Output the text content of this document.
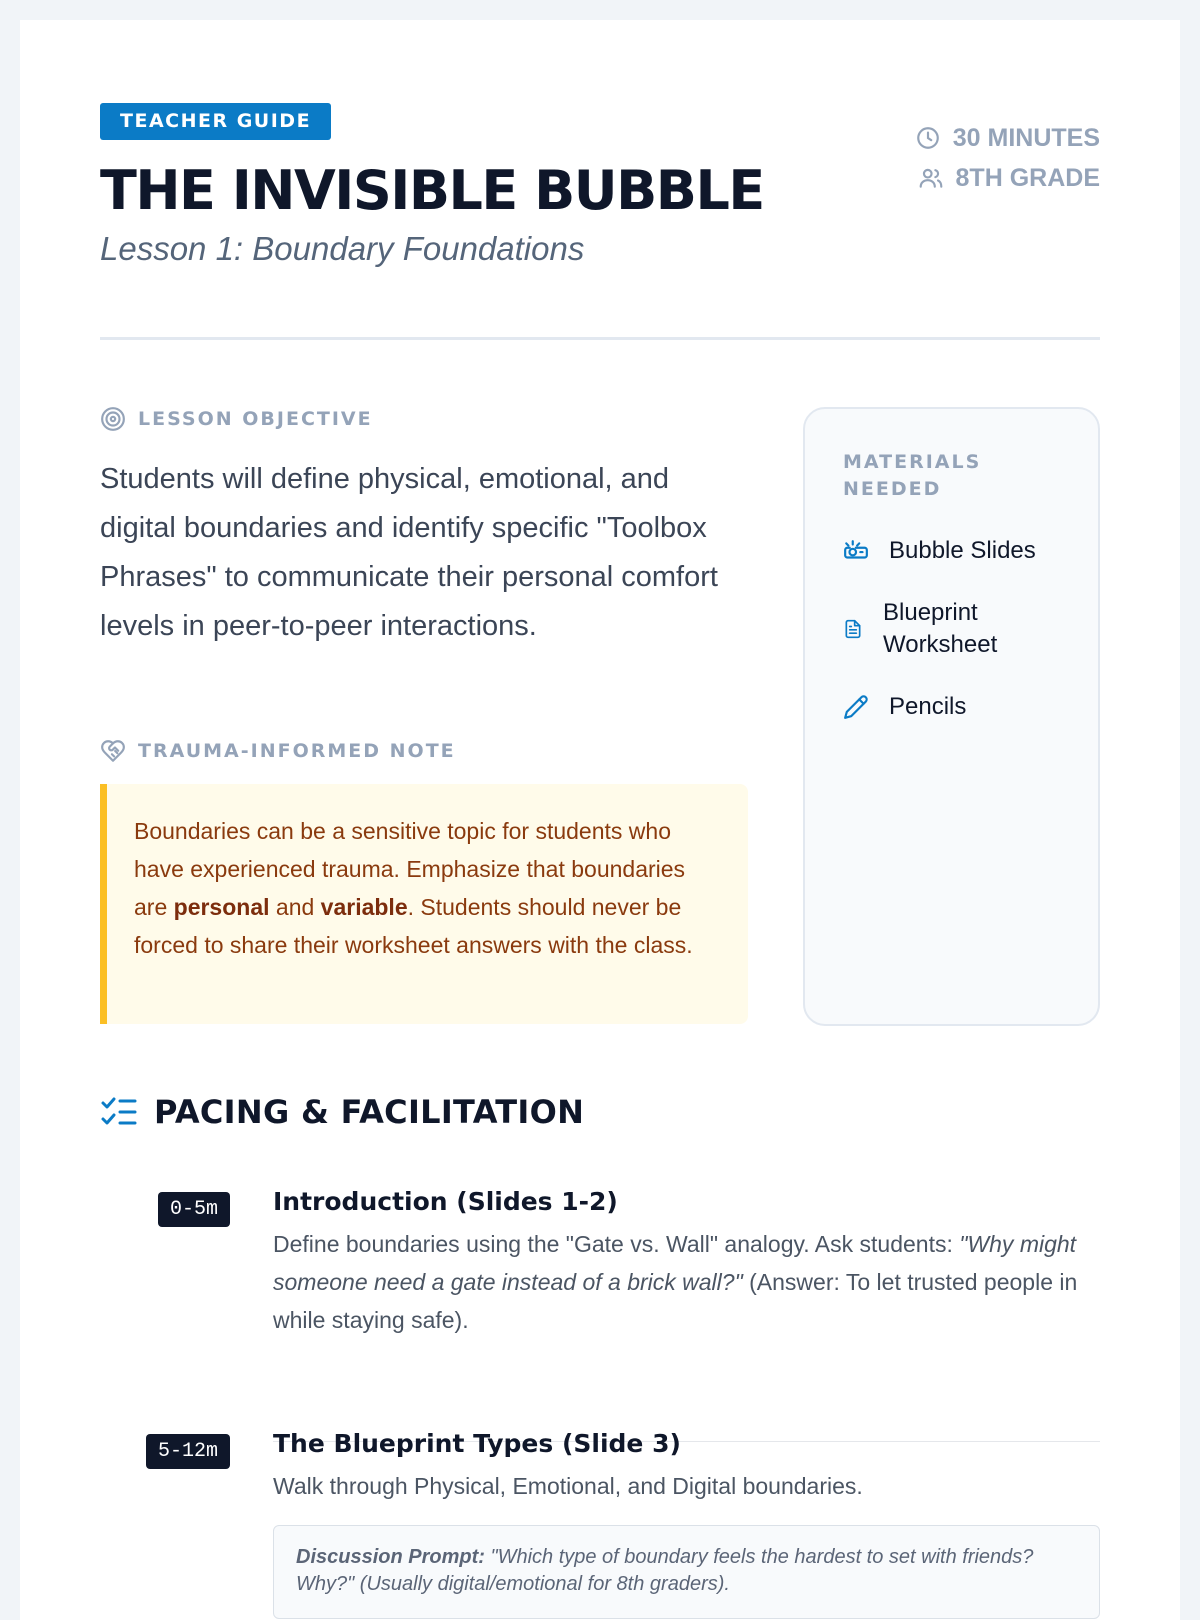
TEACHER GUIDE
THE INVISIBLE BUBBLE
Lesson 1: Boundary Foundations
30 MINUTES
8TH GRADE
LESSON OBJECTIVE
Students will define physical, emotional, and digital boundaries and identify specific "Toolbox Phrases" to communicate their personal comfort levels in peer-to-peer interactions.
TRAUMA-INFORMED NOTE
Boundaries can be a sensitive topic for students who have experienced trauma. Emphasize that boundaries are personal and variable. Students should never be forced to share their worksheet answers with the class.
MATERIALS NEEDED
Bubble Slides
Blueprint Worksheet
Pencils
PACING & FACILITATION
0-5m	Introduction (Slides 1-2)
Define boundaries using the "Gate vs. Wall" analogy. Ask students: "Why might someone need a gate instead of a brick wall?" (Answer: To let trusted people in while staying safe).
5-12m	The Blueprint Types (Slide 3)
Walk through Physical, Emotional, and Digital boundaries.
Discussion Prompt: "Which type of boundary feels the hardest to set with friends? Why?" (Usually digital/emotional for 8th graders).
